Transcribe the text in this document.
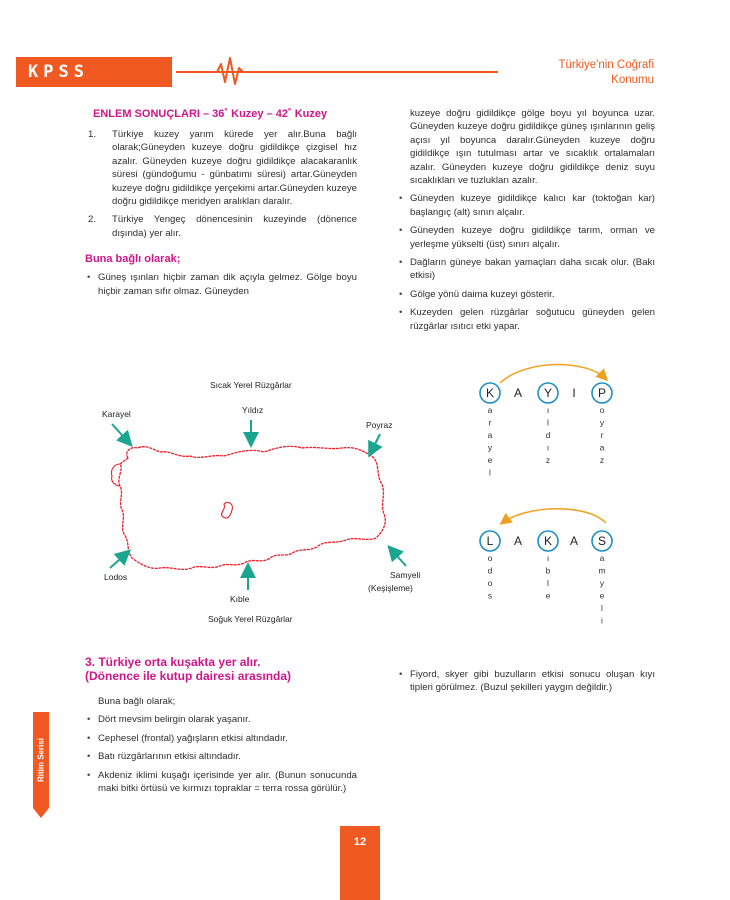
KPSS KAMPI
Türkiye'nin Coğrafi
Konumu
Ritim Serisi
ENLEM SONUÇLARI – 36˚ Kuzey – 42˚ Kuzey
1. Türkiye kuzey yarım kürede yer alır.Buna bağlı olarak;Güneyden kuzeye doğru gidildikçe çizgisel hız azalır. Güneyden kuzeye doğru gidildikçe alacakaranlık süresi (gündoğumu - günbatımı süresi) artar.Güneyden kuzeye doğru gidildikçe yerçekimi artar.Güneyden kuzeye doğru gidildikçe meridyen aralıkları daralır.
2. Türkiye Yengeç dönencesinin kuzeyinde (dönence dışında) yer alır.
Buna bağlı olarak;
• Güneş ışınları hiçbir zaman dik açıyla gelmez. Gölge boyu hiçbir zaman sıfır olmaz. Güneyden
kuzeye doğru gidildikçe gölge boyu yıl boyunca uzar. Güneyden kuzeye doğru gidildikçe güneş ışınlarının geliş açısı yıl boyunca daralır.Güneyden kuzeye doğru gidildikçe ışın tutulması artar ve sıcaklık ortalamaları azalır. Güneyden kuzeye doğru gidildikçe deniz suyu sıcaklıkları ve tuzlukları azalır.
• Güneyden kuzeye gidildikçe kalıcı kar (toktoğan kar) başlangıç (alt) sınırı alçalır.
• Güneyden kuzeye doğru gidildikçe tarım, orman ve yerleşme yükselti (üst) sınırı alçalır.
• Dağların güneye bakan yamaçları daha sıcak olur. (Bakı etkisi)
• Gölge yönü daima kuzeyi gösterir.
• Kuzeyden gelen rüzgârlar soğutucu güneyden gelen rüzgârlar ısıtıcı etki yapar.
Sıcak Yerel Rüzgârlar
Soğuk Yerel Rüzgârlar
Karayel	Yıldız
Poyraz
Lodos
Kıble
Samyeli
(Keşişleme)
K A Y I P
a
r
a
y
e
l
ı
l
d
ı
z
o
y
r
a
z
L A K A S
o
d
o
s
ı
b
l
e
a
m
y
e
l
i
3. Türkiye orta kuşakta yer alır.
(Dönence ile kutup dairesi arasında)
Buna bağlı olarak;
• Dört mevsim belirgin olarak yaşanır.
• Cephesel (frontal) yağışların etkisi altındadır.
• Batı rüzgârlarının etkisi altındadır.
• Akdeniz iklimi kuşağı içerisinde yer alır. (Bunun sonucunda maki bitki örtüsü ve kırmızı topraklar = terra rossa görülür.)
• Fiyord, skyer gibi buzulların etkisi sonucu oluşan kıyı tipleri görülmez. (Buzul şekilleri yaygın değildir.)
12
